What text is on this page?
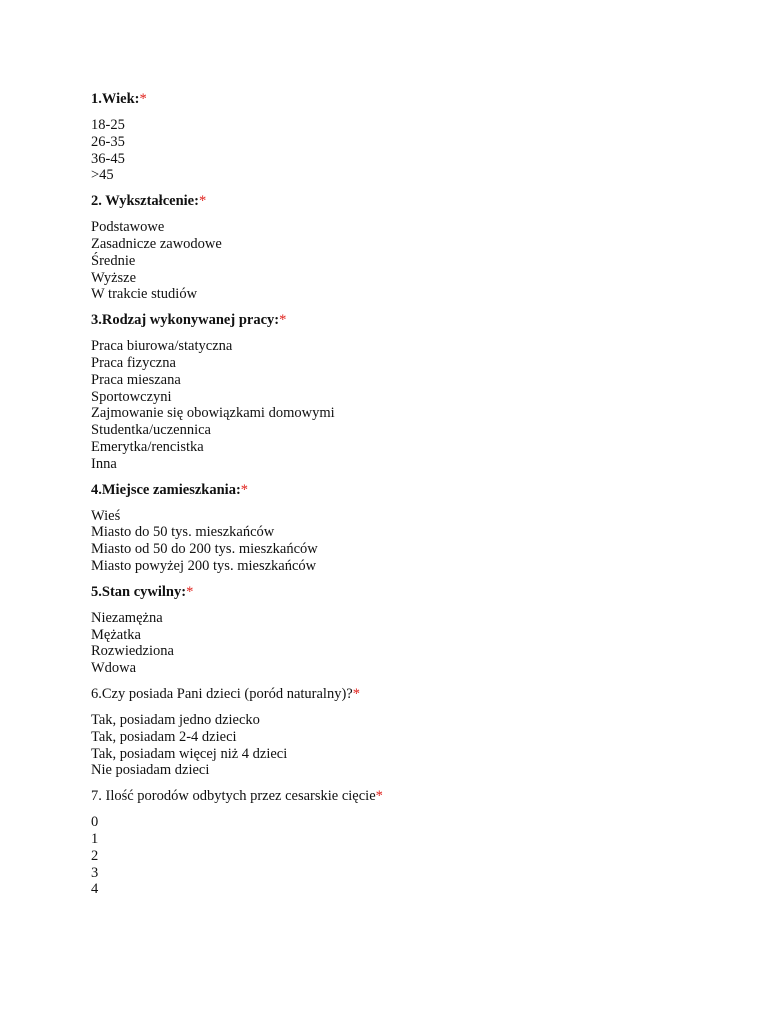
1.Wiek:*
18-25
26-35
36-45
>45
2. Wykształcenie:*
Podstawowe
Zasadnicze zawodowe
Średnie
Wyższe
W trakcie studiów
3.Rodzaj wykonywanej pracy:*
Praca biurowa/statyczna
Praca fizyczna
Praca mieszana
Sportowczyni
Zajmowanie się obowiązkami domowymi
Studentka/uczennica
Emerytka/rencistka
Inna
4.Miejsce zamieszkania:*
Wieś
Miasto do 50 tys. mieszkańców
Miasto od 50 do 200 tys. mieszkańców
Miasto powyżej 200 tys. mieszkańców
5.Stan cywilny:*
Niezamężna
Mężatka
Rozwiedziona
Wdowa
6.Czy posiada Pani dzieci (poród naturalny)?*
Tak, posiadam jedno dziecko
Tak, posiadam 2-4 dzieci
Tak, posiadam więcej niż 4 dzieci
Nie posiadam dzieci
7. Ilość porodów odbytych przez cesarskie cięcie*
0
1
2
3
4
